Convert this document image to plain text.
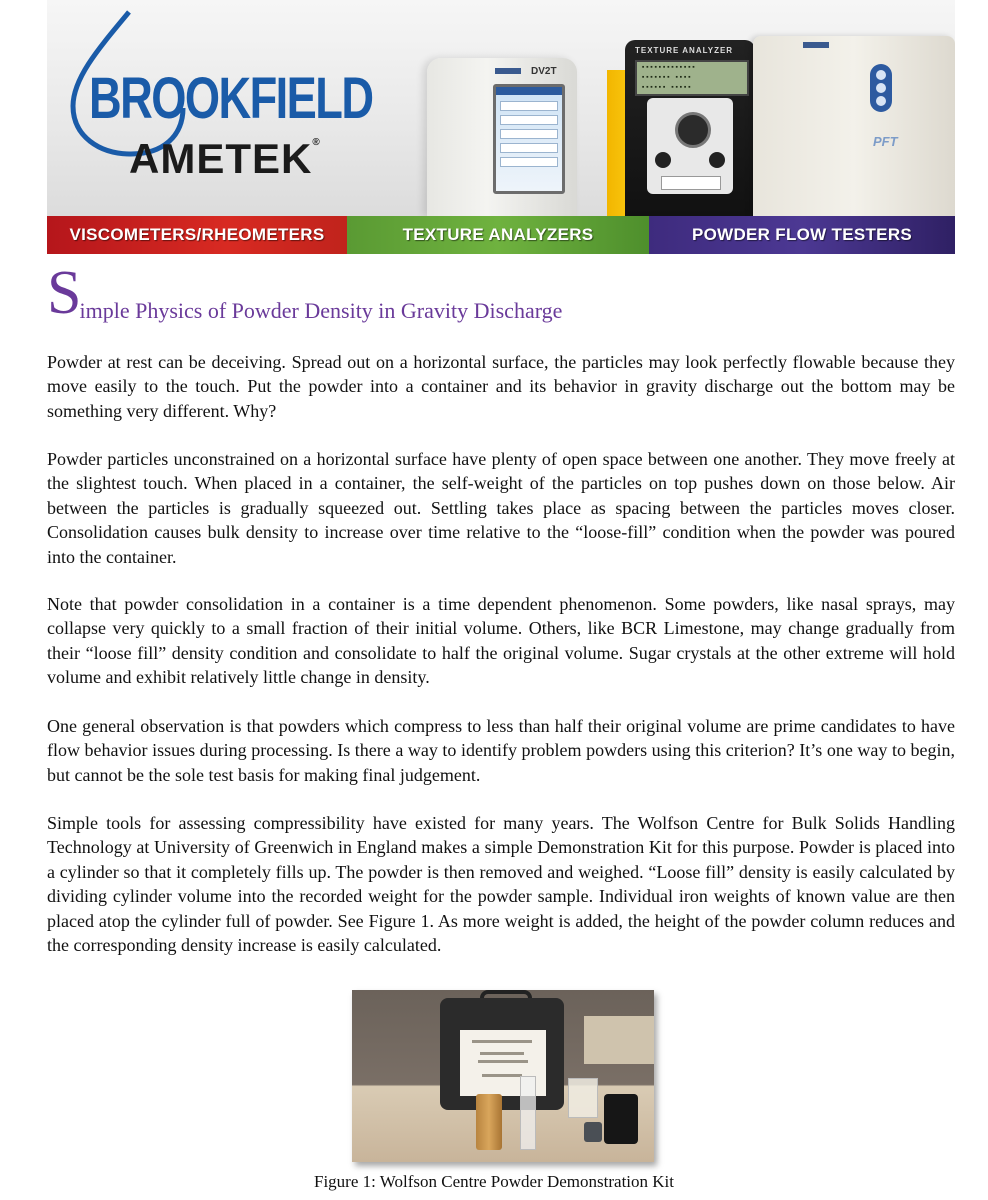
BROOKFIELD
AMETEK®
DV2T
TEXTURE ANALYZER
▪▪▪▪▪▪▪▪▪▪▪▪▪
▪▪▪▪▪▪▪ ▪▪▪▪
▪▪▪▪▪▪ ▪▪▪▪▪
PFT
VISCOMETERS/RHEOMETERS	TEXTURE ANALYZERS	POWDER FLOW TESTERS
Simple Physics of Powder Density in Gravity Discharge

Powder at rest can be deceiving. Spread out on a horizontal surface, the particles may look perfectly flowable because they move easily to the touch. Put the powder into a container and its behavior in gravity discharge out the bottom may be something very different. Why?

Powder particles unconstrained on a horizontal surface have plenty of open space between one another. They move freely at the slightest touch. When placed in a container, the self-weight of the particles on top pushes down on those below. Air between the particles is gradually squeezed out. Settling takes place as spacing between the particles moves closer. Consolidation causes bulk density to increase over time relative to the “loose-fill” condition when the powder was poured into the container.

Note that powder consolidation in a container is a time dependent phenomenon. Some powders, like nasal sprays, may collapse very quickly to a small fraction of their initial volume. Others, like BCR Limestone, may change gradually from their “loose fill” density condition and consolidate to half the original volume. Sugar crystals at the other extreme will hold volume and exhibit relatively little change in density.

One general observation is that powders which compress to less than half their original volume are prime candidates to have flow behavior issues during processing. Is there a way to identify problem powders using this criterion? It’s one way to begin, but cannot be the sole test basis for making final judgement.

Simple tools for assessing compressibility have existed for many years. The Wolfson Centre for Bulk Solids Handling Technology at University of Greenwich in England makes a simple Demonstration Kit for this purpose. Powder is placed into a cylinder so that it completely fills up. The powder is then removed and weighed. “Loose fill” density is easily calculated by dividing cylinder volume into the recorded weight for the powder sample. Individual iron weights of known value are then placed atop the cylinder full of powder. See Figure 1. As more weight is added, the height of the powder column reduces and the corresponding density increase is easily calculated.

Figure 1: Wolfson Centre Powder Demonstration Kit
